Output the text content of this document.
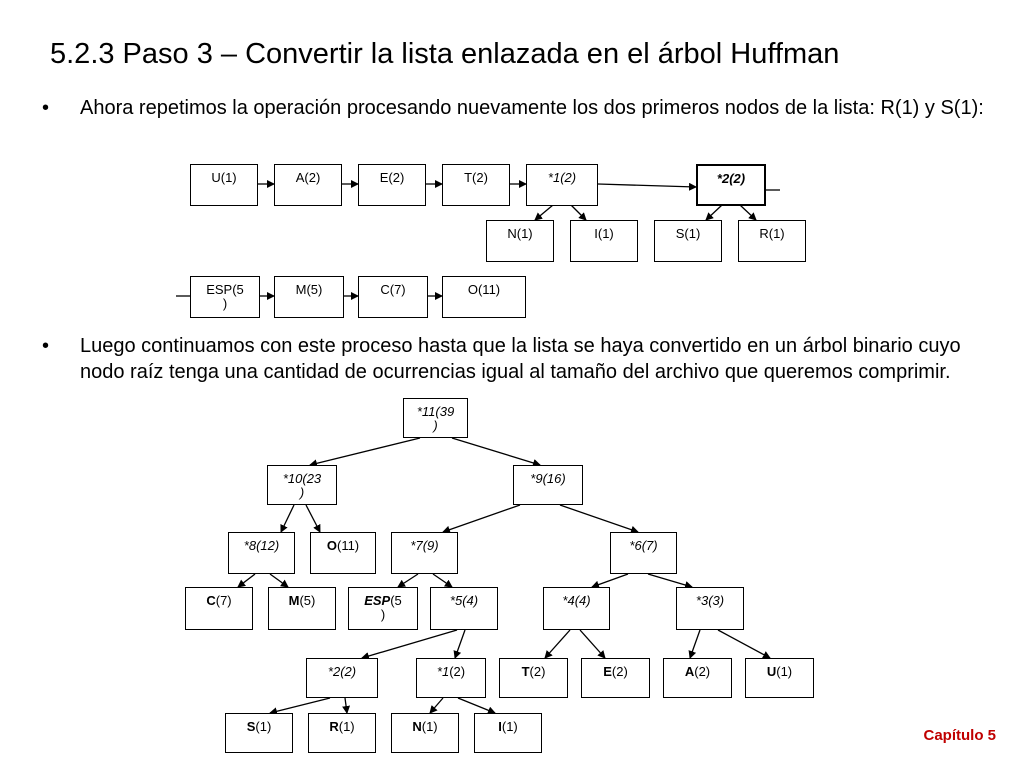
5.2.3 Paso 3 – Convertir la lista enlazada en el árbol Huffman
• Ahora repetimos la operación procesando nuevamente los dos primeros nodos de la lista: R(1) y S(1):
• Luego continuamos con este proceso hasta que la lista se haya convertido en un árbol binario cuyo nodo raíz tenga una cantidad de ocurrencias igual al tamaño del archivo que queremos comprimir.
U(1)	A(2)	E(2)	T(2)	*1(2)	*2(2)
N(1)	I(1)	S(1)	R(1)
ESP(5
)
M(5)	C(7)	O(11)
*11(39
)
*10(23
)
*9(16)
*8(12)	O(11)	*7(9)	*6(7)
C(7)	M(5)	ESP(5
)
*5(4)	*4(4)	*3(3)
*2(2)	*1(2)	T(2)	E(2)	A(2)	U(1)
S(1)	R(1)	N(1)	I(1)
Capítulo 5
